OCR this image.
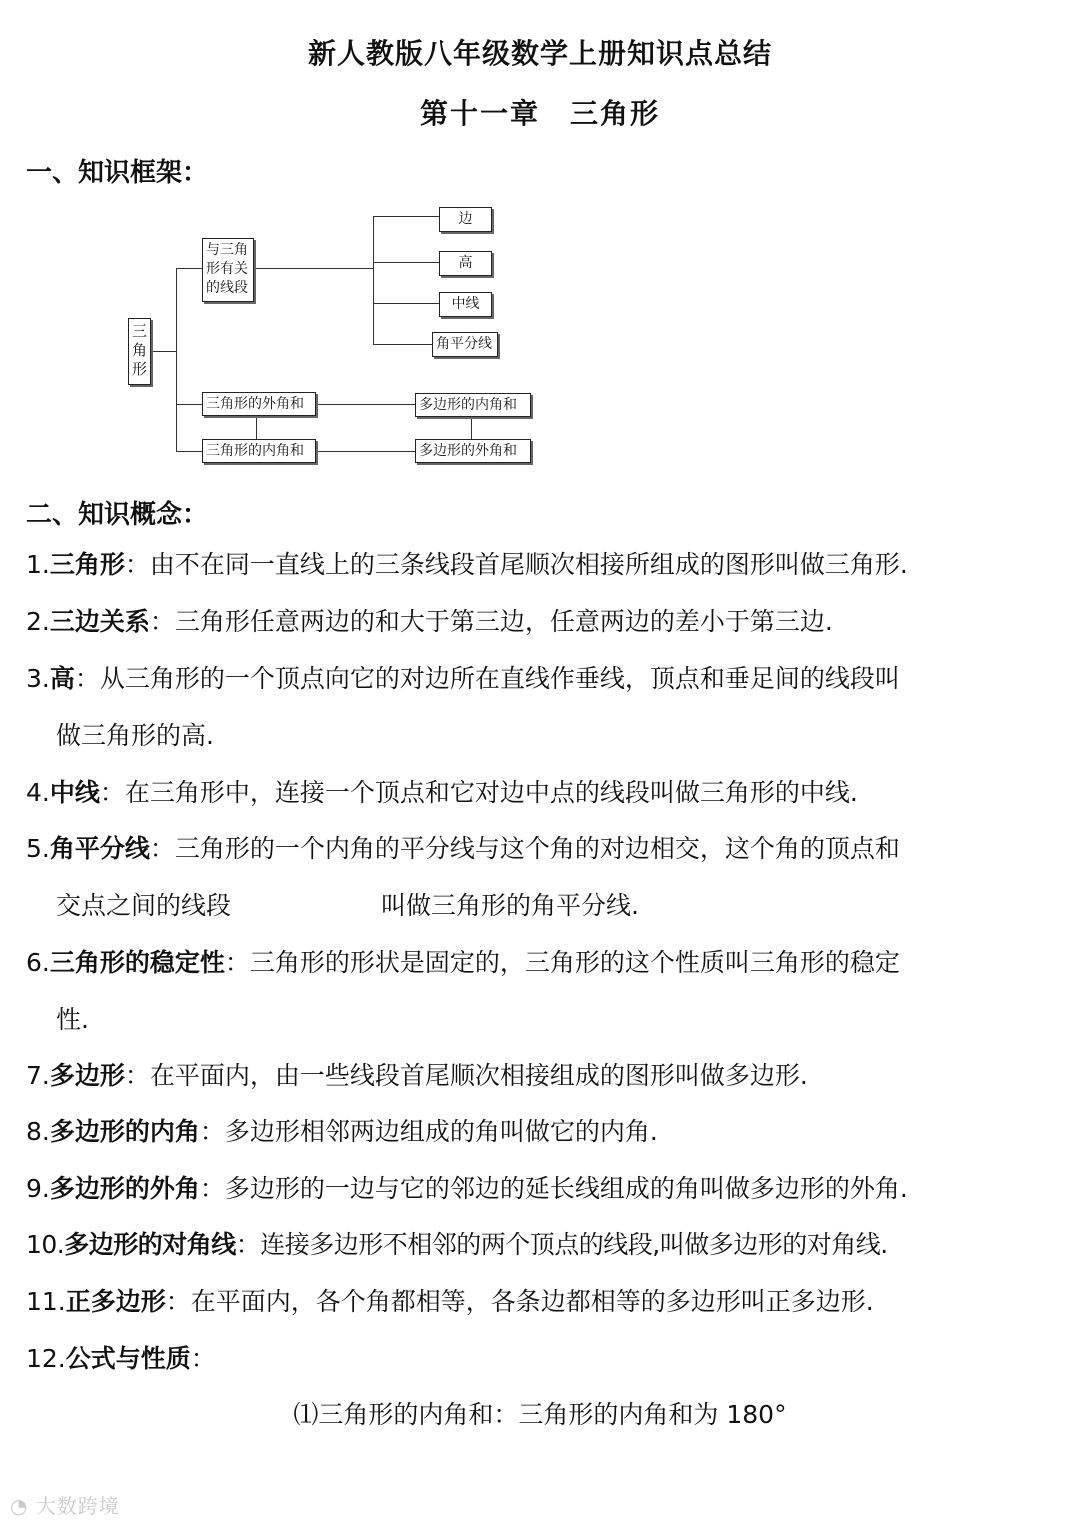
新人教版八年级数学上册知识点总结
第十一章　三角形
一、知识框架：
三角形
与三角形有关的线段
边
高
中线
角平分线
三角形的外角和
三角形的内角和
多边形的内角和
多边形的外角和
二、知识概念：

1.三角形：由不在同一直线上的三条线段首尾顺次相接所组成的图形叫做三角形.

2.三边关系：三角形任意两边的和大于第三边，任意两边的差小于第三边.

3.高：从三角形的一个顶点向它的对边所在直线作垂线，顶点和垂足间的线段叫

做三角形的高.

4.中线：在三角形中，连接一个顶点和它对边中点的线段叫做三角形的中线.

5.角平分线：三角形的一个内角的平分线与这个角的对边相交，这个角的顶点和

交点之间的线段　　　　　　叫做三角形的角平分线.

6.三角形的稳定性：三角形的形状是固定的，三角形的这个性质叫三角形的稳定

性.

7.多边形：在平面内，由一些线段首尾顺次相接组成的图形叫做多边形.

8.多边形的内角：多边形相邻两边组成的角叫做它的内角.

9.多边形的外角：多边形的一边与它的邻边的延长线组成的角叫做多边形的外角.

10.多边形的对角线：连接多边形不相邻的两个顶点的线段,叫做多边形的对角线.

11.正多边形：在平面内，各个角都相等，各条边都相等的多边形叫正多边形.

12.公式与性质：

⑴三角形的内角和：三角形的内角和为 180°

◔ 大数跨境
